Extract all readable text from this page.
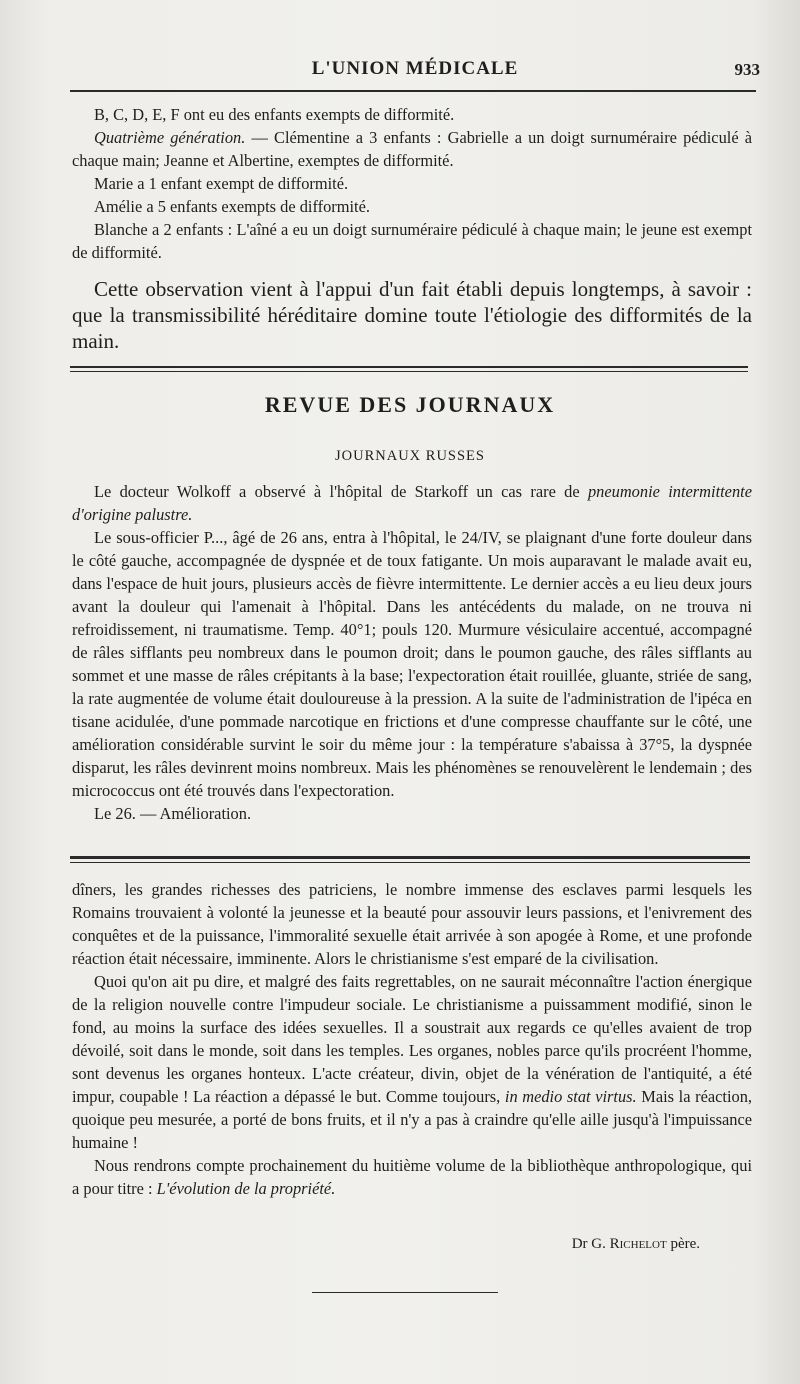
L'UNION MÉDICALE	933

B, C, D, E, F ont eu des enfants exempts de difformité.

Quatrième génération. — Clémentine a 3 enfants : Gabrielle a un doigt surnuméraire pédiculé à chaque main; Jeanne et Albertine, exemptes de difformité.

Marie a 1 enfant exempt de difformité.

Amélie a 5 enfants exempts de difformité.

Blanche a 2 enfants : L'aîné a eu un doigt surnuméraire pédiculé à chaque main; le jeune est exempt de difformité.

Cette observation vient à l'appui d'un fait établi depuis longtemps, à savoir : que la transmissibilité héréditaire domine toute l'étiologie des difformités de la main.

REVUE DES JOURNAUX
JOURNAUX RUSSES

Le docteur Wolkoff a observé à l'hôpital de Starkoff un cas rare de pneumonie intermittente d'origine palustre.

Le sous-officier P..., âgé de 26 ans, entra à l'hôpital, le 24/IV, se plaignant d'une forte douleur dans le côté gauche, accompagnée de dyspnée et de toux fatigante. Un mois auparavant le malade avait eu, dans l'espace de huit jours, plusieurs accès de fièvre intermittente. Le dernier accès a eu lieu deux jours avant la douleur qui l'amenait à l'hôpital. Dans les antécédents du malade, on ne trouva ni refroidissement, ni traumatisme. Temp. 40°1; pouls 120. Murmure vésiculaire accentué, accompagné de râles sifflants peu nombreux dans le poumon droit; dans le poumon gauche, des râles sifflants au sommet et une masse de râles crépitants à la base; l'expectoration était rouillée, gluante, striée de sang, la rate augmentée de volume était douloureuse à la pression. A la suite de l'administration de l'ipéca en tisane acidulée, d'une pommade narcotique en frictions et d'une compresse chauffante sur le côté, une amélioration considérable survint le soir du même jour : la température s'abaissa à 37°5, la dyspnée disparut, les râles devinrent moins nombreux. Mais les phénomènes se renouvelèrent le lendemain ; des micrococcus ont été trouvés dans l'expectoration.

Le 26. — Amélioration.

dîners, les grandes richesses des patriciens, le nombre immense des esclaves parmi lesquels les Romains trouvaient à volonté la jeunesse et la beauté pour assouvir leurs passions, et l'enivrement des conquêtes et de la puissance, l'immoralité sexuelle était arrivée à son apogée à Rome, et une profonde réaction était nécessaire, imminente. Alors le christianisme s'est emparé de la civilisation.

Quoi qu'on ait pu dire, et malgré des faits regrettables, on ne saurait méconnaître l'action énergique de la religion nouvelle contre l'impudeur sociale. Le christianisme a puissamment modifié, sinon le fond, au moins la surface des idées sexuelles. Il a soustrait aux regards ce qu'elles avaient de trop dévoilé, soit dans le monde, soit dans les temples. Les organes, nobles parce qu'ils procréent l'homme, sont devenus les organes honteux. L'acte créateur, divin, objet de la vénération de l'antiquité, a été impur, coupable ! La réaction a dépassé le but. Comme toujours, in medio stat virtus. Mais la réaction, quoique peu mesurée, a porté de bons fruits, et il n'y a pas à craindre qu'elle aille jusqu'à l'impuissance humaine !

Nous rendrons compte prochainement du huitième volume de la bibliothèque anthropologique, qui a pour titre : L'évolution de la propriété.

Dr G. Richelot père.
